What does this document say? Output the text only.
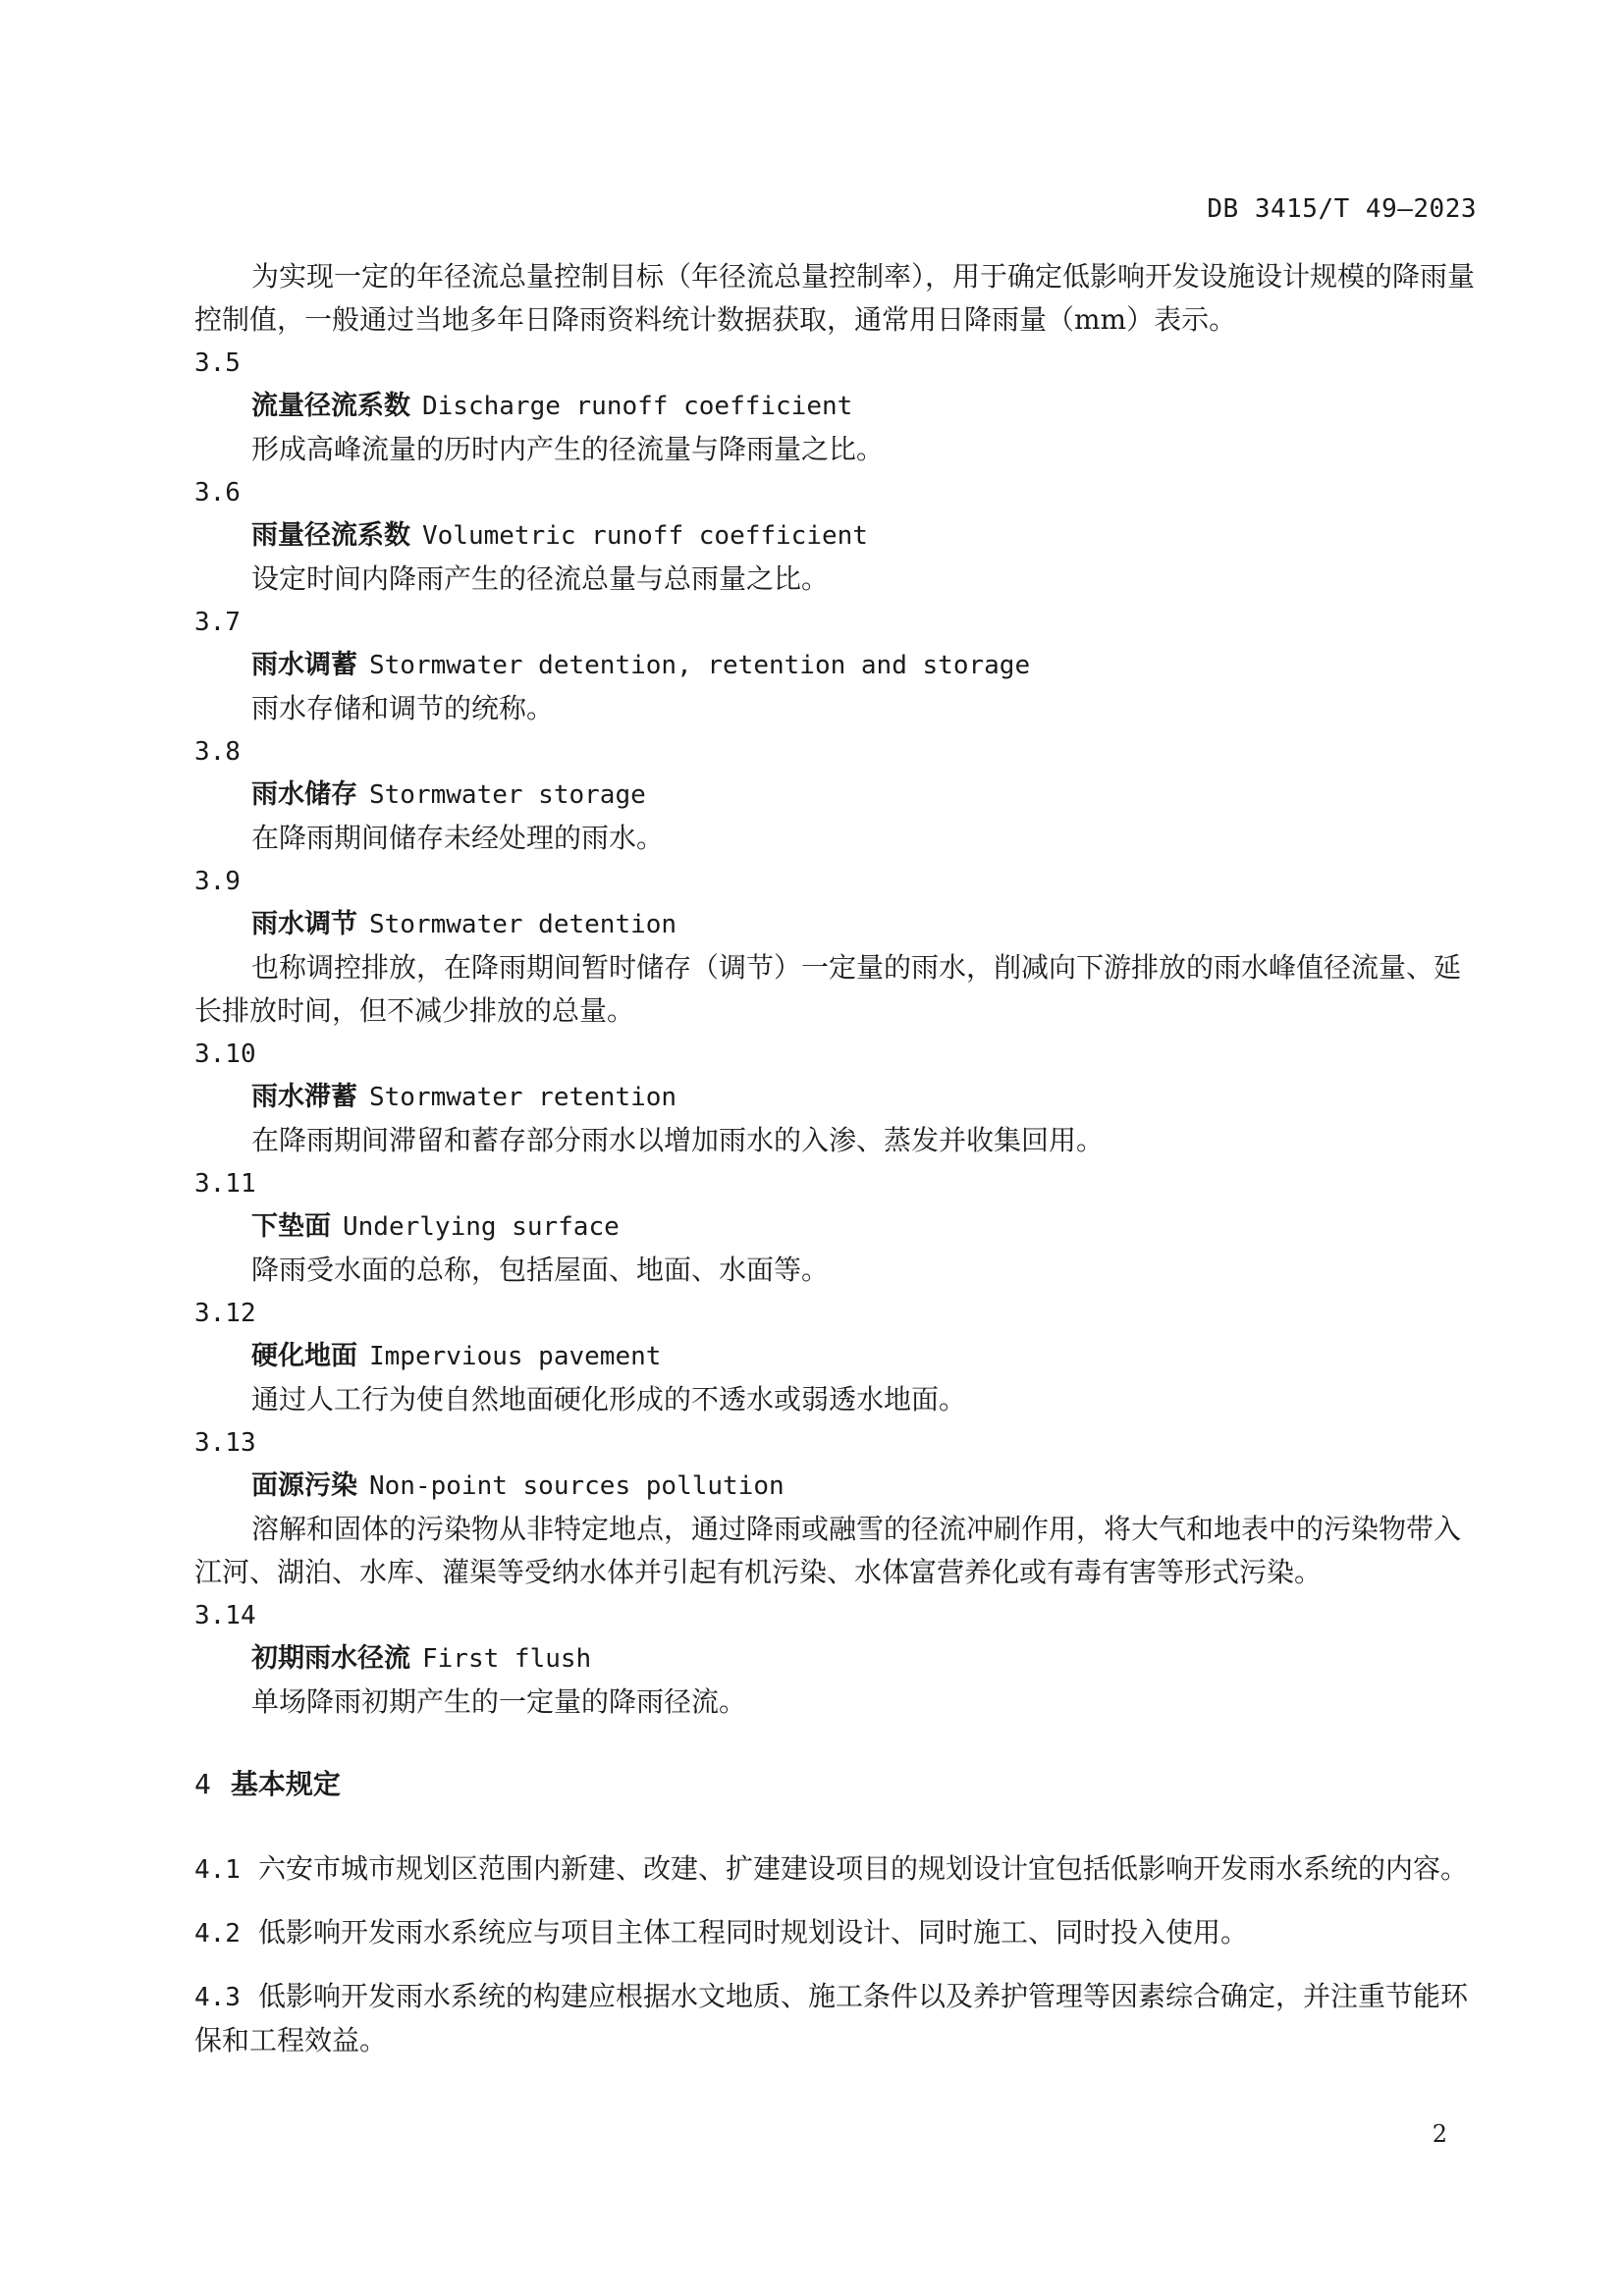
DB 3415/T 49—2023

为实现一定的年径流总量控制目标（年径流总量控制率），用于确定低影响开发设施设计规模的降雨量控制值，一般通过当地多年日降雨资料统计数据获取，通常用日降雨量（mm）表示。

3.5

流量径流系数 Discharge runoff coefficient

形成高峰流量的历时内产生的径流量与降雨量之比。

3.6

雨量径流系数 Volumetric runoff coefficient

设定时间内降雨产生的径流总量与总雨量之比。

3.7

雨水调蓄 Stormwater detention, retention and storage

雨水存储和调节的统称。

3.8

雨水储存 Stormwater storage

在降雨期间储存未经处理的雨水。

3.9

雨水调节 Stormwater detention

也称调控排放，在降雨期间暂时储存（调节）一定量的雨水，削减向下游排放的雨水峰值径流量、延长排放时间，但不减少排放的总量。

3.10

雨水滞蓄 Stormwater retention

在降雨期间滞留和蓄存部分雨水以增加雨水的入渗、蒸发并收集回用。

3.11

下垫面 Underlying surface

降雨受水面的总称，包括屋面、地面、水面等。

3.12

硬化地面 Impervious pavement

通过人工行为使自然地面硬化形成的不透水或弱透水地面。

3.13

面源污染 Non-point sources pollution

溶解和固体的污染物从非特定地点，通过降雨或融雪的径流冲刷作用，将大气和地表中的污染物带入江河、湖泊、水库、灌渠等受纳水体并引起有机污染、水体富营养化或有毒有害等形式污染。

3.14

初期雨水径流 First flush

单场降雨初期产生的一定量的降雨径流。

4 基本规定

4.1 六安市城市规划区范围内新建、改建、扩建建设项目的规划设计宜包括低影响开发雨水系统的内容。

4.2 低影响开发雨水系统应与项目主体工程同时规划设计、同时施工、同时投入使用。

4.3 低影响开发雨水系统的构建应根据水文地质、施工条件以及养护管理等因素综合确定，并注重节能环保和工程效益。

2
